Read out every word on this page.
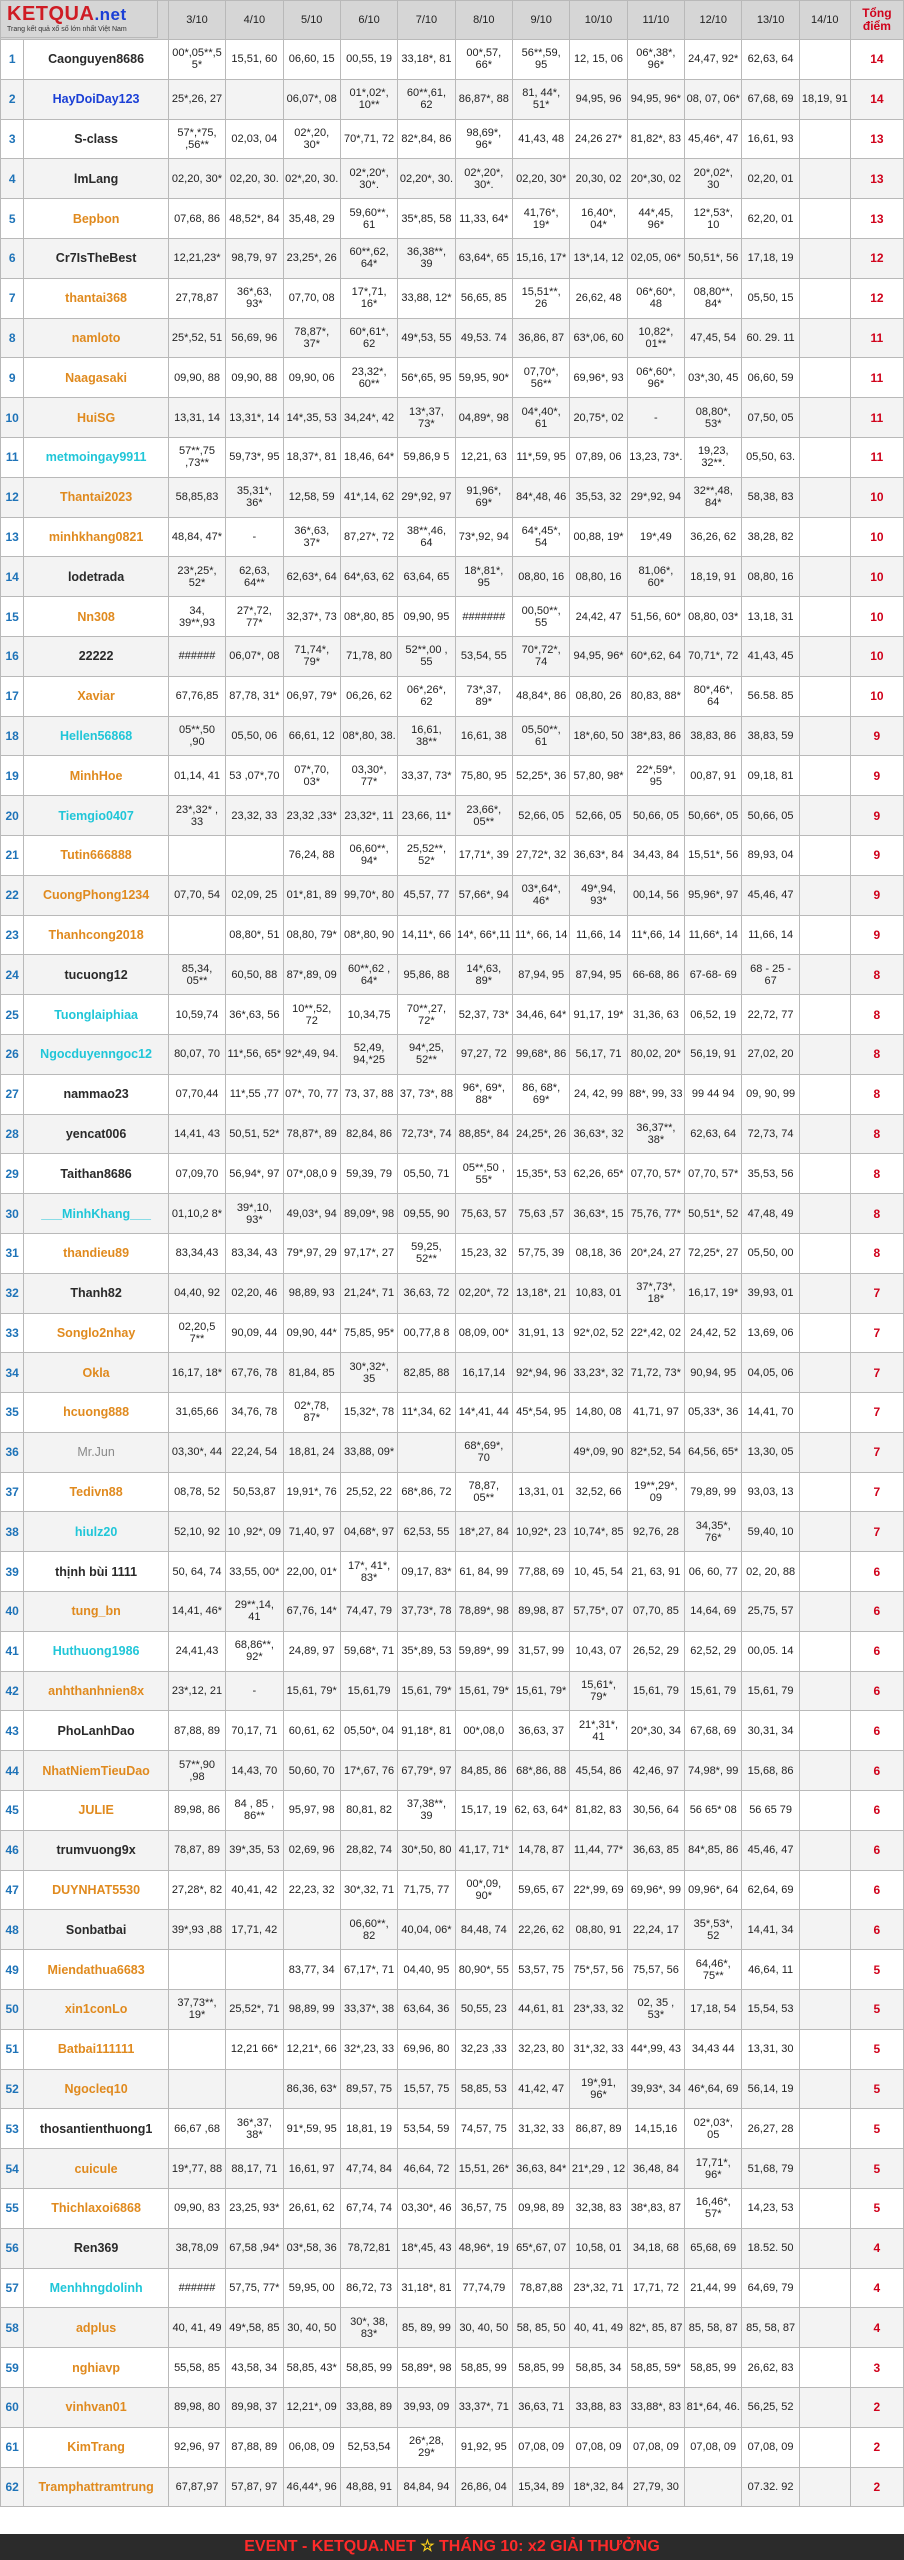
		3/10	4/10	5/10	6/10	7/10	8/10	9/10	10/10	11/10	12/10	13/10	14/10	Tổng điểm
1	Caonguyen8686	00*,05**,55*	15,51, 60	06,60, 15	00,55, 19	33,18*, 81	00*,57, 66*	56**,59, 95	12, 15, 06	06*,38*, 96*	24,47, 92*	62,63, 64		14
2	HayDoiDay123	25*,26, 27		06,07*, 08	01*,02*, 10**	60**,61, 62	86,87*, 88	81, 44*, 51*	94,95, 96	94,95, 96*	08, 07, 06*	67,68, 69	18,19, 91	14
3	S-class	57*,*75, ,56**	02,03, 04	02*,20, 30*	70*,71, 72	82*,84, 86	98,69*, 96*	41,43, 48	24,26 27*	81,82*, 83	45,46*, 47	16,61, 93		13
4	lmLang	02,20, 30*	02,20, 30.	02*,20, 30.	02*,20*, 30*.	02,20*, 30.	02*,20*, 30*.	02,20, 30*	20,30, 02	20*,30, 02	20*,02*, 30	02,20, 01		13
5	Bepbon	07,68, 86	48,52*, 84	35,48, 29	59,60**, 61	35*,85, 58	11,33, 64*	41,76*, 19*	16,40*, 04*	44*,45, 96*	12*,53*, 10	62,20, 01		13
6	Cr7IsTheBest	12,21,23*	98,79, 97	23,25*, 26	60**,62, 64*	36,38**, 39	63,64*, 65	15,16, 17*	13*,14, 12	02,05, 06*	50,51*, 56	17,18, 19		12
7	thantai368	27,78,87	36*,63, 93*	07,70, 08	17*,71, 16*	33,88, 12*	56,65, 85	15,51**, 26	26,62, 48	06*,60*, 48	08,80**, 84*	05,50, 15		12
8	namloto	25*,52, 51	56,69, 96	78,87*, 37*	60*,61*, 62	49*,53, 55	49,53. 74	36,86, 87	63*,06, 60	10,82*, 01**	47,45, 54	60. 29. 11		11
9	Naagasaki	09,90, 88	09,90, 88	09,90, 06	23,32*, 60**	56*,65, 95	59,95, 90*	07,70*, 56**	69,96*, 93	06*,60*, 96*	03*,30, 45	06,60, 59		11
10	HuiSG	13,31, 14	13,31*, 14	14*,35, 53	34,24*, 42	13*,37, 73*	04,89*, 98	04*,40*, 61	20,75*, 02	-	08,80*, 53*	07,50, 05		11
11	metmoingay9911	57**,75 ,73**	59,73*, 95	18,37*, 81	18,46, 64*	59,86,9 5	12,21, 63	11*,59, 95	07,89, 06	13,23, 73*.	19,23, 32**.	05,50, 63.		11
12	Thantai2023	58,85,83	35,31*, 36*	12,58, 59	41*,14, 62	29*,92, 97	91,96*, 69*	84*,48, 46	35,53, 32	29*,92, 94	32**,48, 84*	58,38, 83		10
13	minhkhang0821	48,84, 47*	-	36*,63, 37*	87,27*, 72	38**,46, 64	73*,92, 94	64*,45*, 54	00,88, 19*	19*,49	36,26, 62	38,28, 82		10
14	lodetrada	23*,25*, 52*	62,63, 64**	62,63*, 64	64*,63, 62	63,64, 65	18*,81*, 95	08,80, 16	08,80, 16	81,06*, 60*	18,19, 91	08,80, 16		10
15	Nn308	34, 39**,93	27*,72, 77*	32,37*, 73	08*,80, 85	09,90, 95	#######	00,50**, 55	24,42, 47	51,56, 60*	08,80, 03*	13,18, 31		10
16	22222	######	06,07*, 08	71,74*, 79*	71,78, 80	52**,00 , 55	53,54, 55	70*,72*, 74	94,95, 96*	60*,62, 64	70,71*, 72	41,43, 45		10
17	Xaviar	67,76,85	87,78, 31*	06,97, 79*	06,26, 62	06*,26*, 62	73*,37, 89*	48,84*, 86	08,80, 26	80,83, 88*	80*,46*, 64	56.58. 85		10
18	Hellen56868	05**,50 ,90	05,50, 06	66,61, 12	08*,80, 38.	16,61, 38**	16,61, 38	05,50**, 61	18*,60, 50	38*,83, 86	38,83, 86	38,83, 59		9
19	MinhHoe	01,14, 41	53 ,07*,70	07*,70, 03*	03,30*, 77*	33,37, 73*	75,80, 95	52,25*, 36	57,80, 98*	22*,59*, 95	00,87, 91	09,18, 81		9
20	Tiemgio0407	23*,32* , 33	23,32, 33	23,32 ,33*	23,32*, 11	23,66, 11*	23,66*, 05**	52,66, 05	52,66, 05	50,66, 05	50,66*, 05	50,66, 05		9
21	Tutin666888			76,24, 88	06,60**, 94*	25,52**, 52*	17,71*, 39	27,72*, 32	36,63*, 84	34,43, 84	15,51*, 56	89,93, 04		9
22	CuongPhong1234	07,70, 54	02,09, 25	01*,81, 89	99,70*, 80	45,57, 77	57,66*, 94	03*,64*, 46*	49*,94, 93*	00,14, 56	95,96*, 97	45,46, 47		9
23	Thanhcong2018		08,80*, 51	08,80, 79*	08*,80, 90	14,11*, 66	14*, 66*,11	11*, 66, 14	11,66, 14	11*,66, 14	11,66*, 14	11,66, 14		9
24	tucuong12	85,34, 05**	60,50, 88	87*,89, 09	60**,62 , 64*	95,86, 88	14*,63, 89*	87,94, 95	87,94, 95	66-68, 86	67-68- 69	68 - 25 - 67		8
25	Tuonglaiphiaa	10,59,74	36*,63, 56	10**,52, 72	10,34,75	70**,27, 72*	52,37, 73*	34,46, 64*	91,17, 19*	31,36, 63	06,52, 19	22,72, 77		8
26	Ngocduyenngoc12	80,07, 70	11*,56, 65*	92*,49, 94.	52,49, 94,*25	94*,25, 52**	97,27, 72	99,68*, 86	56,17, 71	80,02, 20*	56,19, 91	27,02, 20		8
27	nammao23	07,70,44	11*,55 ,77	07*, 70, 77	73, 37, 88	37, 73*, 88	96*, 69*, 88*	86, 68*, 69*	24, 42, 99	88*, 99, 33	99 44 94	09, 90, 99		8
28	yencat006	14,41, 43	50,51, 52*	78,87*, 89	82,84, 86	72,73*, 74	88,85*, 84	24,25*, 26	36,63*, 32	36,37**, 38*	62,63, 64	72,73, 74		8
29	Taithan8686	07,09,70	56,94*, 97	07*,08,0 9	59,39, 79	05,50, 71	05**,50 , 55*	15,35*, 53	62,26, 65*	07,70, 57*	07,70, 57*	35,53, 56		8
30	___MinhKhang___	01,10,2 8*	39*,10, 93*	49,03*, 94	89,09*, 98	09,55, 90	75,63, 57	75,63 ,57	36,63*, 15	75,76, 77*	50,51*, 52	47,48, 49		8
31	thandieu89	83,34,43	83,34, 43	79*,97, 29	97,17*, 27	59,25, 52**	15,23, 32	57,75, 39	08,18, 36	20*,24, 27	72,25*, 27	05,50, 00		8
32	Thanh82	04,40, 92	02,20, 46	98,89, 93	21,24*, 71	36,63, 72	02,20*, 72	13,18*, 21	10,83, 01	37*,73*, 18*	16,17, 19*	39,93, 01		7
33	Songlo2nhay	02,20,5 7**	90,09, 44	09,90, 44*	75,85, 95*	00,77,8 8	08,09, 00*	31,91, 13	92*,02, 52	22*,42, 02	24,42, 52	13,69, 06		7
34	Okla	16,17, 18*	67,76, 78	81,84, 85	30*,32*, 35	82,85, 88	16,17,14	92*,94, 96	33,23*, 32	71,72, 73*	90,94, 95	04,05, 06		7
35	hcuong888	31,65,66	34,76, 78	02*,78, 87*	15,32*, 78	11*,34, 62	14*,41, 44	45*,54, 95	14,80, 08	41,71, 97	05,33*, 36	14,41, 70		7
36	Mr.Jun	03,30*, 44	22,24, 54	18,81, 24	33,88, 09*		68*,69*, 70		49*,09, 90	82*,52, 54	64,56, 65*	13,30, 05		7
37	Tedivn88	08,78, 52	50,53,87	19,91*, 76	25,52, 22	68*,86, 72	78,87, 05**	13,31, 01	32,52, 66	19**,29*, 09	79,89, 99	93,03, 13		7
38	hiulz20	52,10, 92	10 ,92*, 09	71,40, 97	04,68*, 97	62,53, 55	18*,27, 84	10,92*, 23	10,74*, 85	92,76, 28	34,35*, 76*	59,40, 10		7
39	thịnh bùi 1111	50, 64, 74	33,55, 00*	22,00, 01*	17*, 41*, 83*	09,17, 83*	61, 84, 99	77,88, 69	10, 45, 54	21, 63, 91	06, 60, 77	02, 20, 88		6
40	tung_bn	14,41, 46*	29**,14, 41	67,76, 14*	74,47, 79	37,73*, 78	78,89*, 98	89,98, 87	57,75*, 07	07,70, 85	14,64, 69	25,75, 57		6
41	Huthuong1986	24,41,43	68,86**, 92*	24,89, 97	59,68*, 71	35*,89, 53	59,89*, 99	31,57, 99	10,43, 07	26,52, 29	62,52, 29	00,05. 14		6
42	anhthanhnien8x	23*,12, 21	-	15,61, 79*	15,61,79	15,61, 79*	15,61, 79*	15,61, 79*	15,61*, 79*	15,61, 79	15,61, 79	15,61, 79		6
43	PhoLanhDao	87,88, 89	70,17, 71	60,61, 62	05,50*, 04	91,18*, 81	00*,08,0	36,63, 37	21*,31*, 41	20*,30, 34	67,68, 69	30,31, 34		6
44	NhatNiemTieuDao	57**,90 ,98	14,43, 70	50,60, 70	17*,67, 76	67,79*, 97	84,85, 86	68*,86, 88	45,54, 86	42,46, 97	74,98*, 99	15,68, 86		6
45	JULIE	89,98, 86	84 , 85 , 86**	95,97, 98	80,81, 82	37,38**, 39	15,17, 19	62, 63, 64*	81,82, 83	30,56, 64	56 65* 08	56 65 79		6
46	trumvuong9x	78,87, 89	39*,35, 53	02,69, 96	28,82, 74	30*,50, 80	41,17, 71*	14,78, 87	11,44, 77*	36,63, 85	84*,85, 86	45,46, 47		6
47	DUYNHAT5530	27,28*, 82	40,41, 42	22,23, 32	30*,32, 71	71,75, 77	00*,09, 90*	59,65, 67	22*,99, 69	69,96*, 99	09,96*, 64	62,64, 69		6
48	Sonbatbai	39*,93 ,88	17,71, 42		06,60**, 82	40,04, 06*	84,48, 74	22,26, 62	08,80, 91	22,24, 17	35*,53*, 52	14,41, 34		6
49	Miendathua6683			83,77, 34	67,17*, 71	04,40, 95	80,90*, 55	53,57, 75	75*,57, 56	75,57, 56	64,46*, 75**	46,64, 11		5
50	xin1conLo	37,73**, 19*	25,52*, 71	98,89, 99	33,37*, 38	63,64, 36	50,55, 23	44,61, 81	23*,33, 32	02, 35 , 53*	17,18, 54	15,54, 53		5
51	Batbai111111		12,21 66*	12,21*, 66	32*,23, 33	69,96, 80	32,23 ,33	32,23, 80	31*,32, 33	44*,99, 43	34,43 44	13,31, 30		5
52	Ngocleq10			86,36, 63*	89,57, 75	15,57, 75	58,85, 53	41,42, 47	19*,91, 96*	39,93*, 34	46*,64, 69	56,14, 19		5
53	thosantienthuong1	66,67 ,68	36*,37, 38*	91*,59, 95	18,81, 19	53,54, 59	74,57, 75	31,32, 33	86,87, 89	14,15,16	02*,03*, 05	26,27, 28		5
54	cuicule	19*,77, 88	88,17, 71	16,61, 97	47,74, 84	46,64, 72	15,51, 26*	36,63, 84*	21*,29 , 12	36,48, 84	17,71*, 96*	51,68, 79		5
55	Thichlaxoi6868	09,90, 83	23,25, 93*	26,61, 62	67,74, 74	03,30*, 46	36,57, 75	09,98, 89	32,38, 83	38*,83, 87	16,46*, 57*	14,23, 53		5
56	Ren369	38,78,09	67,58 ,94*	03*,58, 36	78,72,81	18*,45, 43	48,96*, 19	65*,67, 07	10,58, 01	34,18, 68	65,68, 69	18.52. 50		4
57	Menhhngdolinh	######	57,75, 77*	59,95, 00	86,72, 73	31,18*, 81	77,74,79	78,87,88	23*,32, 71	17,71, 72	21,44, 99	64,69, 79		4
58	adplus	40, 41, 49	49*,58, 85	30, 40, 50	30*, 38, 83*	85, 89, 99	30, 40, 50	58, 85, 50	40, 41, 49	82*, 85, 87	85, 58, 87	85, 58, 87		4
59	nghiavp	55,58, 85	43,58, 34	58,85, 43*	58,85, 99	58,89*, 98	58,85, 99	58,85, 99	58,85, 34	58,85, 59*	58,85, 99	26,62, 83		3
60	vinhvan01	89,98, 80	89,98, 37	12,21*, 09	33,88, 89	39,93, 09	33,37*, 71	36,63, 71	33,88, 83	33,88*, 83	81*,64, 46.	56,25, 52		2
61	KimTrang	92,96, 97	87,88, 89	06,08, 09	52,53,54	26*,28, 29*	91,92, 95	07,08, 09	07,08, 09	07,08, 09	07,08, 09	07,08, 09		2
62	Tramphattramtrung	67,87,97	57,87, 97	46,44*, 96	48,88, 91	84,84, 94	26,86, 04	15,34, 89	18*,32, 84	27,79, 30		07.32. 92		2
KETQUA.net
Trang kết quả xổ số lớn nhất Việt Nam
EVENT - KETQUA.NET ☆ THÁNG 10: x2 GIẢI THƯỞNG
